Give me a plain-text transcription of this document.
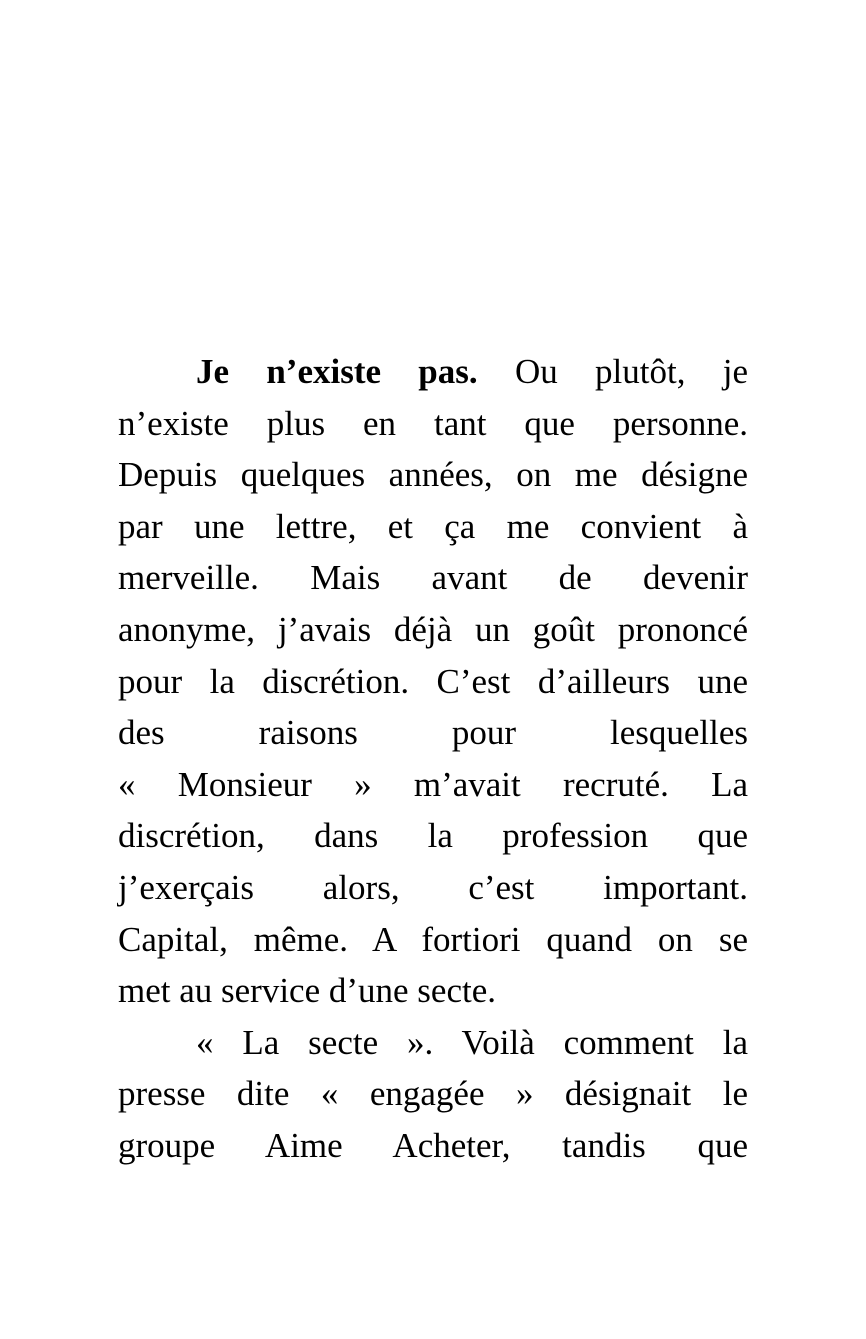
Je n’existe pas. Ou plutôt, je
n’existe plus en tant que personne.
Depuis quelques années, on me désigne
par une lettre, et ça me convient à
merveille. Mais avant de devenir
anonyme, j’avais déjà un goût prononcé
pour la discrétion. C’est d’ailleurs une
des raisons pour lesquelles
« Monsieur » m’avait recruté. La
discrétion, dans la profession que
j’exerçais alors, c’est important.
Capital, même. A fortiori quand on se
met au service d’une secte.
« La secte ». Voilà comment la
presse dite « engagée » désignait le
groupe Aime Acheter, tandis que
